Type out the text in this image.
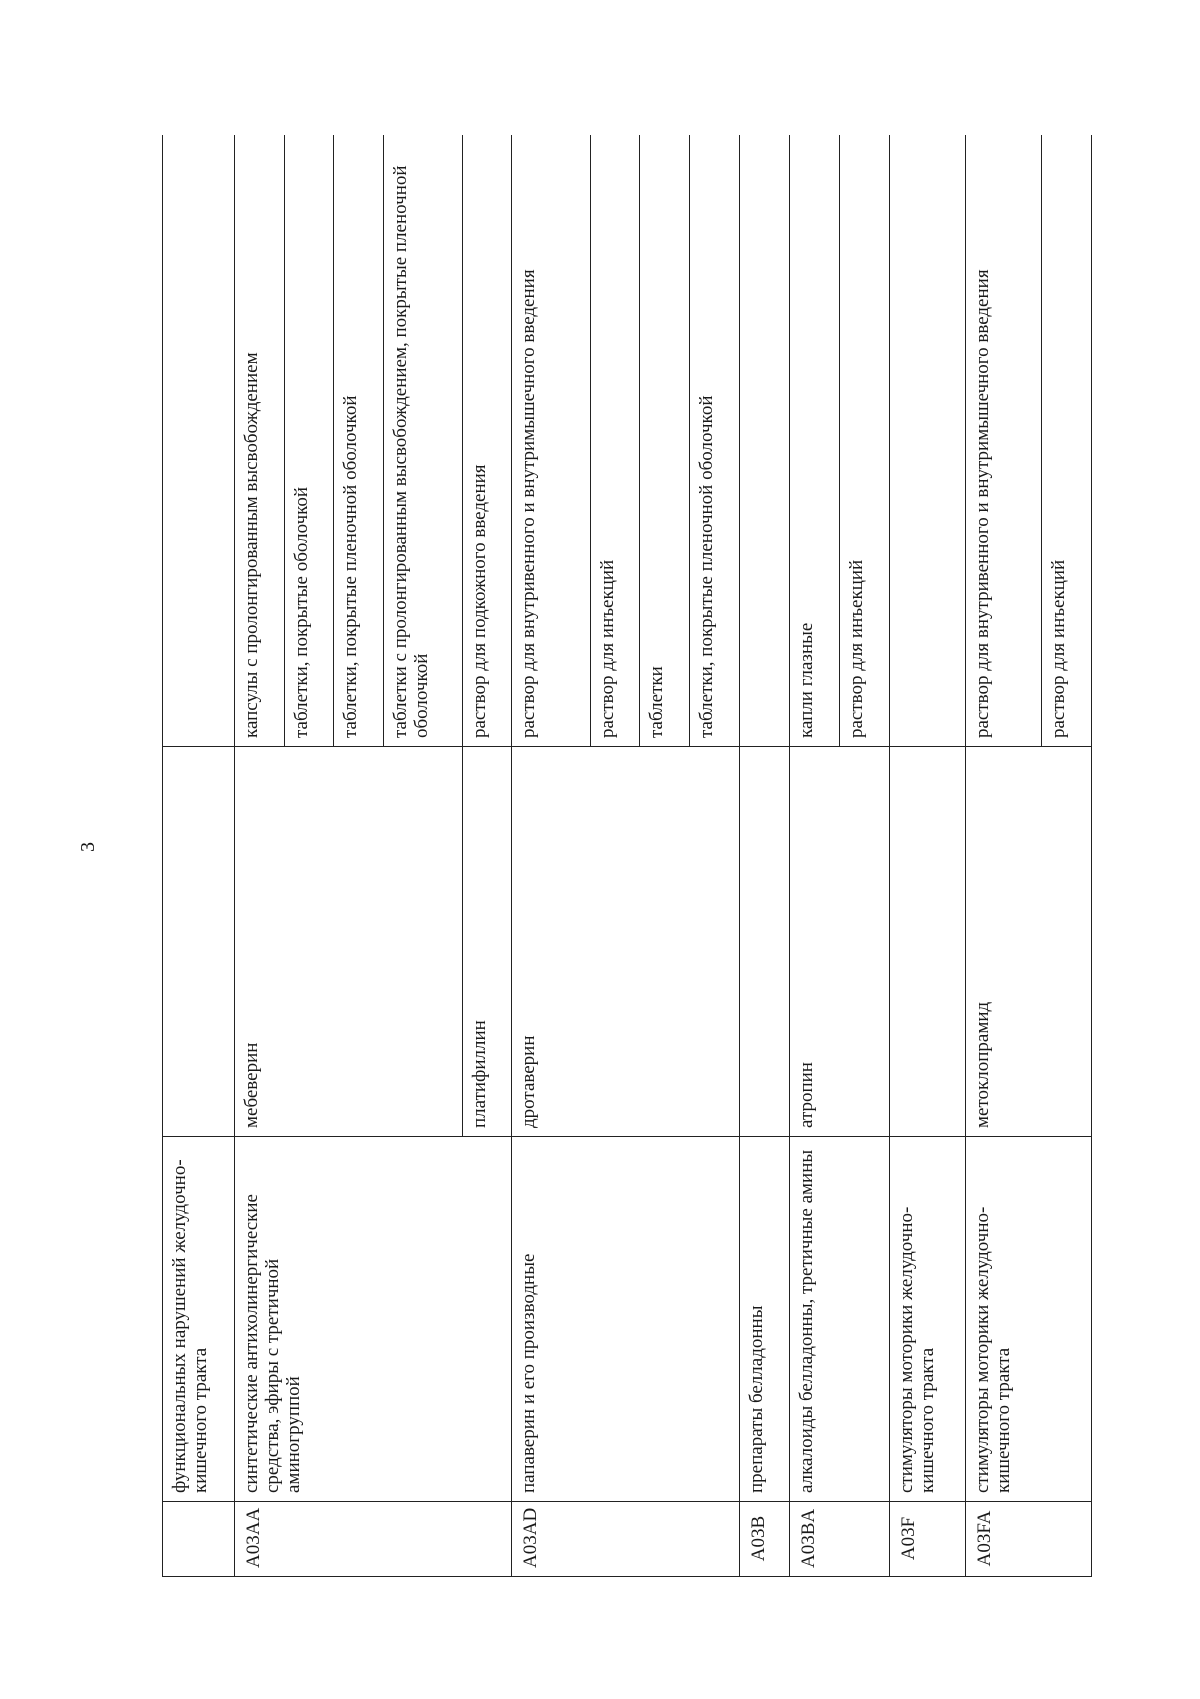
3
	функциональных нарушений желудочно-кишечного тракта		
A03AA	синтетические антихолинергические средства, эфиры с третичной аминогруппой	мебеверин	капсулы с пролонгированным высвобождением
			таблетки, покрытые оболочкой
			таблетки, покрытые пленочной оболочкой
			таблетки с пролонгированным высвобождением, покрытые пленочной оболочкой
		платифиллин	раствор для подкожного введения
A03AD	папаверин и его производные	дротаверин	раствор для внутривенного и внутримышечного введения
			раствор для инъекций
			таблетки
			таблетки, покрытые пленочной оболочкой
A03B	препараты белладонны		
A03BA	алкалоиды белладонны, третичные амины	атропин	капли глазные
			раствор для инъекций
A03F	стимуляторы моторики желудочно-кишечного тракта		
A03FA	стимуляторы моторики желудочно-кишечного тракта	метоклопрамид	раствор для внутривенного и внутримышечного введения
			раствор для инъекций
